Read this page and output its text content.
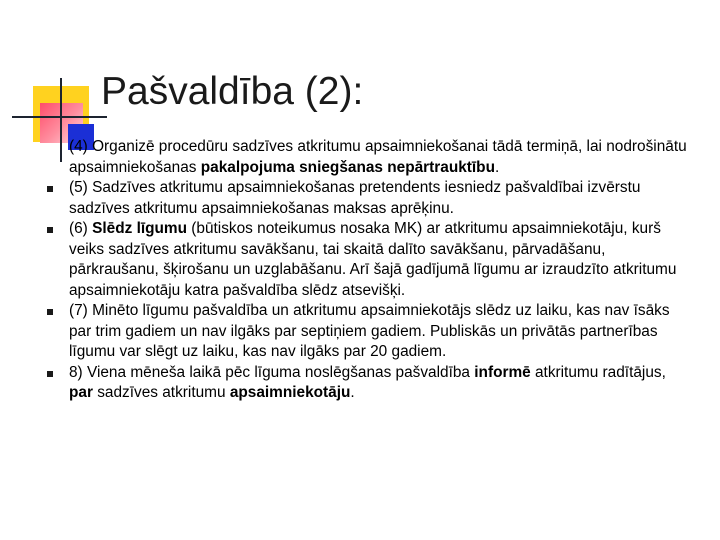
Pašvaldība (2):
(4) Organizē procedūru sadzīves atkritumu apsaimniekošanai tādā termiņā, lai nodrošinātu apsaimniekošanas pakalpojuma sniegšanas nepārtrauktību.
(5) Sadzīves atkritumu apsaimniekošanas pretendents iesniedz pašvaldībai izvērstu sadzīves atkritumu apsaimniekošanas maksas aprēķinu.
(6) Slēdz līgumu (būtiskos noteikumus nosaka MK) ar atkritumu apsaimniekotāju, kurš veiks sadzīves atkritumu savākšanu, tai skaitā dalīto savākšanu, pārvadāšanu, pārkraušanu, šķirošanu un uzglabāšanu. Arī šajā gadījumā līgumu ar izraudzīto atkritumu apsaimniekotāju katra pašvaldība slēdz atsevišķi.
(7) Minēto līgumu pašvaldība un atkritumu apsaimniekotājs slēdz uz laiku, kas nav īsāks par trim gadiem un nav ilgāks par septiņiem gadiem. Publiskās un privātās partnerības līgumu var slēgt uz laiku, kas nav ilgāks par 20 gadiem.
8) Viena mēneša laikā pēc līguma noslēgšanas pašvaldība informē atkritumu radītājus, par sadzīves atkritumu apsaimniekotāju.
